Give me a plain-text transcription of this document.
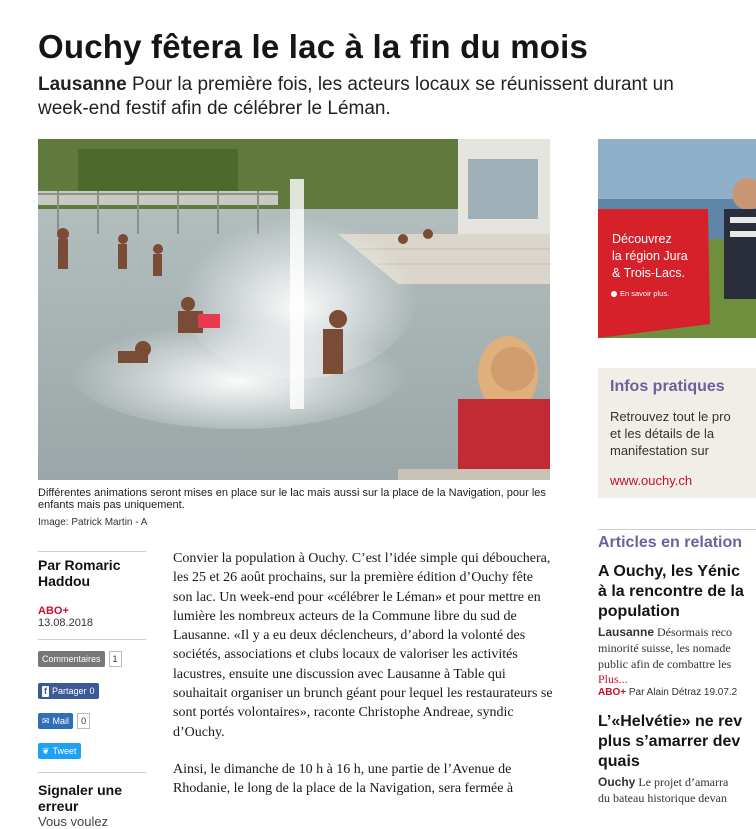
Ouchy fêtera le lac à la fin du mois

Lausanne Pour la première fois, les acteurs locaux se réunissent durant un
week-end festif afin de célébrer le Léman.

Différentes animations seront mises en place sur le lac mais aussi sur la place de la Navigation, pour les enfants mais pas uniquement.
Image: Patrick Martin - A
Par Romaric Haddou
ABO+
13.08.2018
Commentaires	1
f Partager 0
✉ Mail	0
❦ Tweet
Signaler une erreur
Vous voulez

Convier la population à Ouchy. C’est l’idée simple qui débouchera, les 25 et 26 août prochains, sur la première édition d’Ouchy fête son lac. Un week-end pour «célébrer le Léman» et pour mettre en lumière les nombreux acteurs de la Commune libre du sud de Lausanne. «Il y a eu deux déclencheurs, d’abord la volonté des sociétés, associations et clubs locaux de valoriser les activités lacustres, ensuite une discussion avec Lausanne à Table qui souhaitait organiser un brunch géant pour lequel les restaurateurs se sont portés volontaires», raconte Christophe Andreae, syndic d’Ouchy.

Ainsi, le dimanche de 10 h à 16 h, une partie de l’Avenue de Rhodanie, le long de la place de la Navigation, sera fermée à

Découvrez
la région Jura
& Trois-Lacs.
En savoir plus.
Infos pratiques
Retrouvez tout le pro
et les détails de la
manifestation sur
www.ouchy.ch
Articles en relation
A Ouchy, les Yénic
à la rencontre de la
population
Lausanne Désormais reco
minorité suisse, les nomade
public afin de combattre les
Plus...
ABO+ Par Alain Détraz 19.07.2
L’«Helvétie» ne rev
plus s’amarrer dev
quais
Ouchy Le projet d’amarra
du bateau historique devan
